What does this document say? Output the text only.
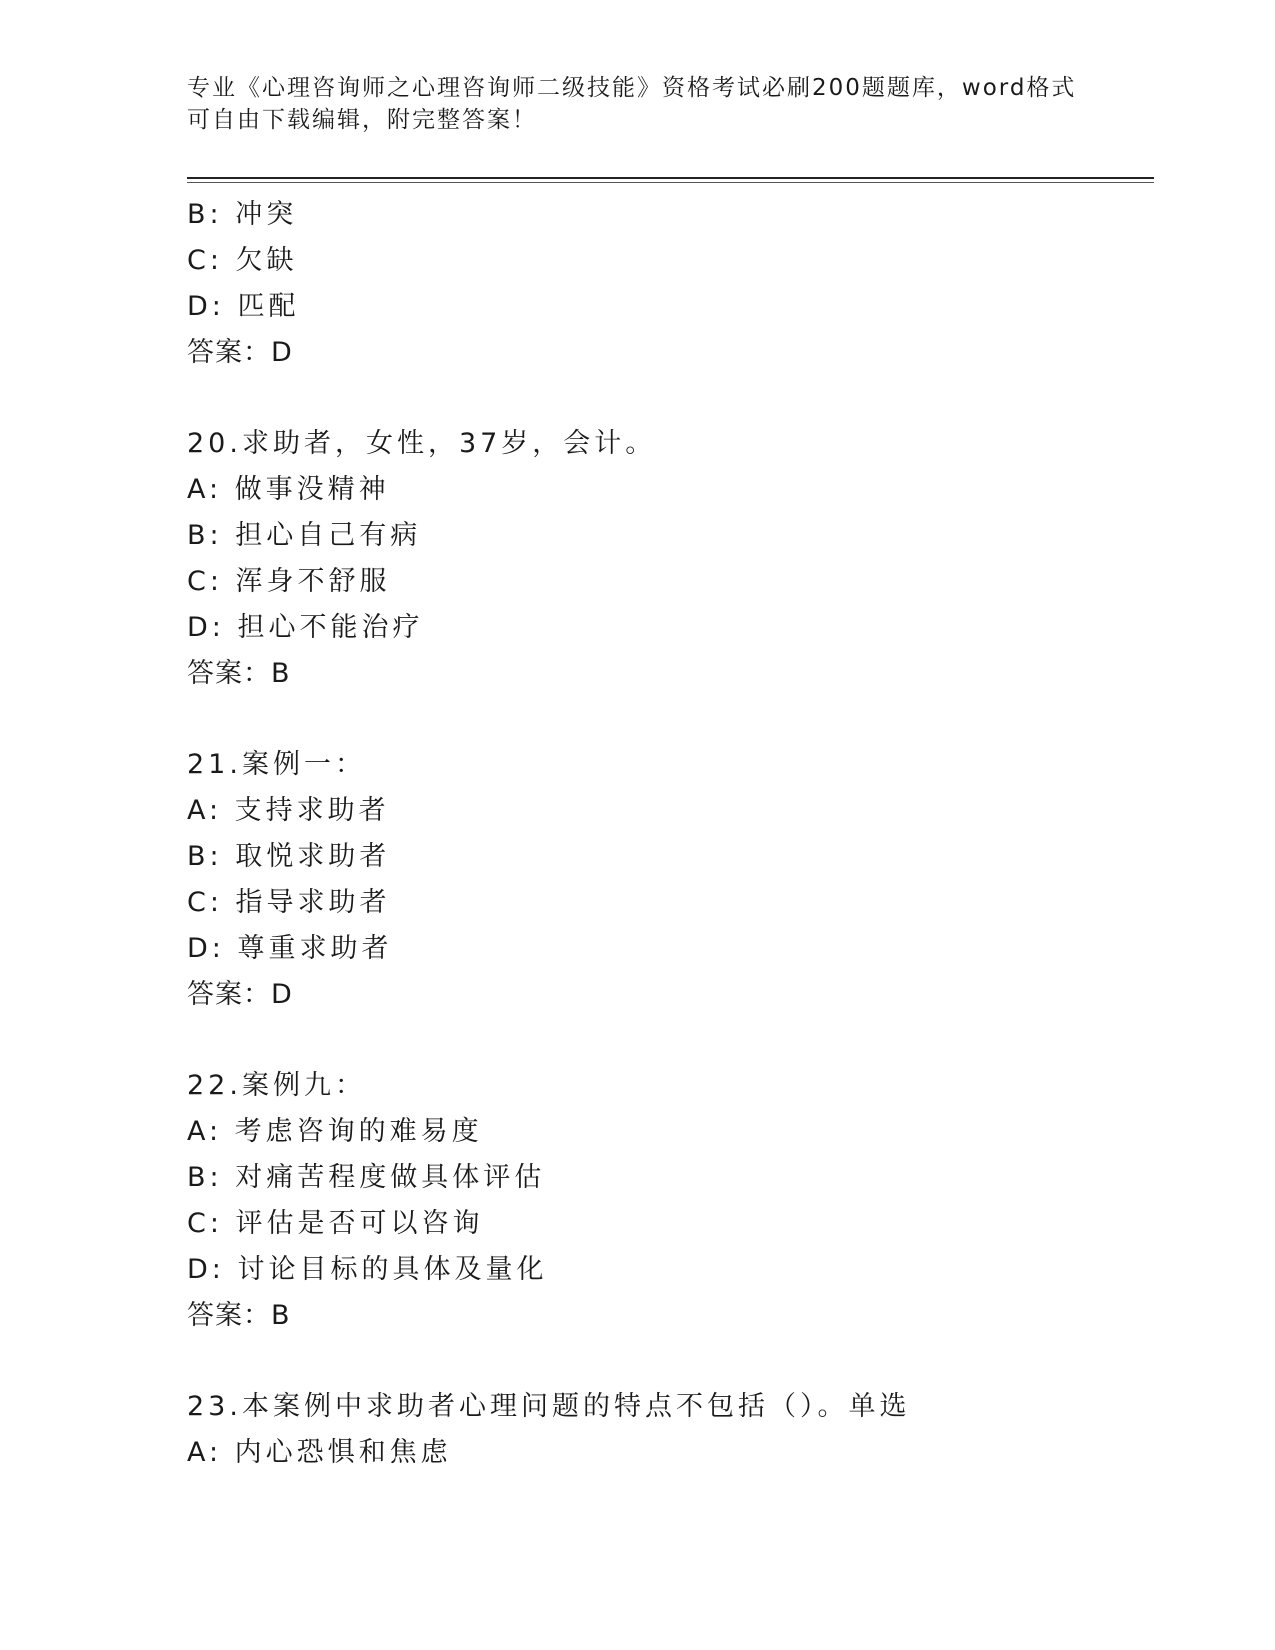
专业《心理咨询师之心理咨询师二级技能》资格考试必刷200题题库，word格式
可自由下载编辑，附完整答案！
B: 冲突
C: 欠缺
D: 匹配
答案：D
20.求助者，女性，37岁，会计。
A: 做事没精神
B: 担心自己有病
C: 浑身不舒服
D: 担心不能治疗
答案：B
21.案例一：
A: 支持求助者
B: 取悦求助者
C: 指导求助者
D: 尊重求助者
答案：D
22.案例九：
A: 考虑咨询的难易度
B: 对痛苦程度做具体评估
C: 评估是否可以咨询
D: 讨论目标的具体及量化
答案：B
23.本案例中求助者心理问题的特点不包括（）。单选
A: 内心恐惧和焦虑
